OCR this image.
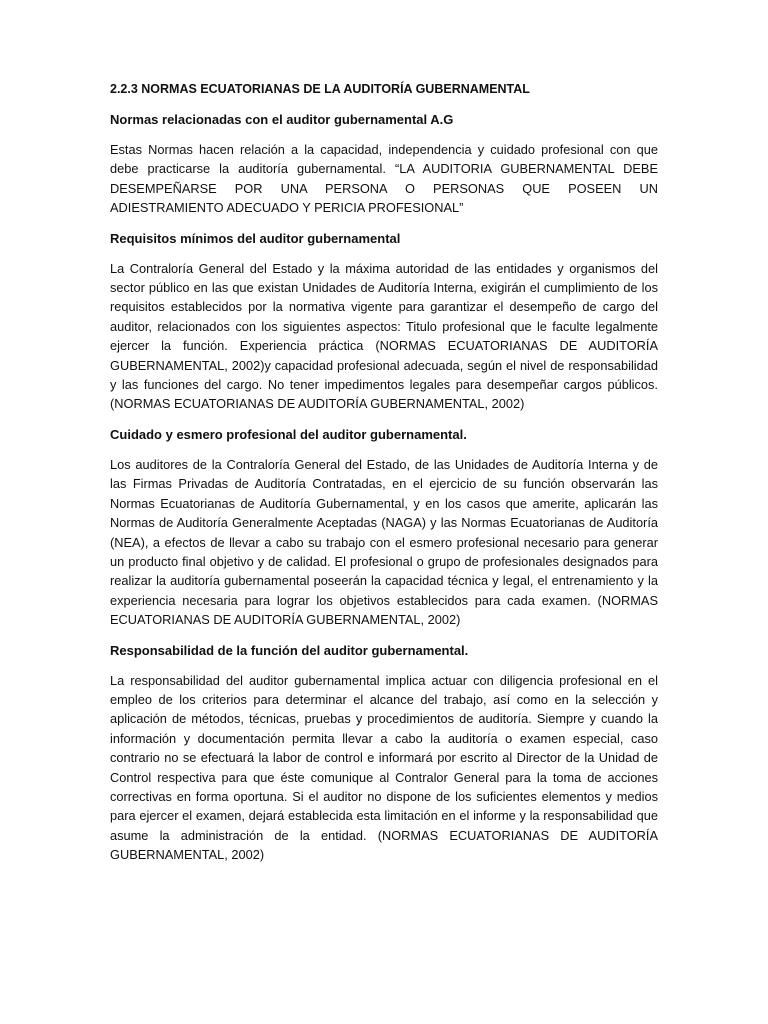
2.2.3 NORMAS ECUATORIANAS DE LA AUDITORÍA GUBERNAMENTAL
Normas relacionadas con el auditor gubernamental A.G

Estas Normas hacen relación a la capacidad, independencia y cuidado profesional con que debe practicarse la auditoría gubernamental. “LA AUDITORIA GUBERNAMENTAL DEBE DESEMPEÑARSE POR UNA PERSONA O PERSONAS QUE POSEEN UN ADIESTRAMIENTO ADECUADO Y PERICIA PROFESIONAL”

Requisitos mínimos del auditor gubernamental

La Contraloría General del Estado y la máxima autoridad de las entidades y organismos del sector público en las que existan Unidades de Auditoría Interna, exigirán el cumplimiento de los requisitos establecidos por la normativa vigente para garantizar el desempeño de cargo del auditor, relacionados con los siguientes aspectos: Titulo profesional que le faculte legalmente ejercer la función. Experiencia práctica (NORMAS ECUATORIANAS DE AUDITORÍA GUBERNAMENTAL, 2002)y capacidad profesional adecuada, según el nivel de responsabilidad y las funciones del cargo. No tener impedimentos legales para desempeñar cargos públicos. (NORMAS ECUATORIANAS DE AUDITORÍA GUBERNAMENTAL, 2002)

Cuidado y esmero profesional del auditor gubernamental.

Los auditores de la Contraloría General del Estado, de las Unidades de Auditoría Interna y de las Firmas Privadas de Auditoría Contratadas, en el ejercicio de su función observarán las Normas Ecuatorianas de Auditoría Gubernamental, y en los casos que amerite, aplicarán las Normas de Auditoría Generalmente Aceptadas (NAGA) y las Normas Ecuatorianas de Auditoría (NEA), a efectos de llevar a cabo su trabajo con el esmero profesional necesario para generar un producto final objetivo y de calidad. El profesional o grupo de profesionales designados para realizar la auditoría gubernamental poseerán la capacidad técnica y legal, el entrenamiento y la experiencia necesaria para lograr los objetivos establecidos para cada examen. (NORMAS ECUATORIANAS DE AUDITORÍA GUBERNAMENTAL, 2002)

Responsabilidad de la función del auditor gubernamental.

La responsabilidad del auditor gubernamental implica actuar con diligencia profesional en el empleo de los criterios para determinar el alcance del trabajo, así como en la selección y aplicación de métodos, técnicas, pruebas y procedimientos de auditoría. Siempre y cuando la información y documentación permita llevar a cabo la auditoría o examen especial, caso contrario no se efectuará la labor de control e informará por escrito al Director de la Unidad de Control respectiva para que éste comunique al Contralor General para la toma de acciones correctivas en forma oportuna. Si el auditor no dispone de los suficientes elementos y medios para ejercer el examen, dejará establecida esta limitación en el informe y la responsabilidad que asume la administración de la entidad. (NORMAS ECUATORIANAS DE AUDITORÍA GUBERNAMENTAL, 2002)
